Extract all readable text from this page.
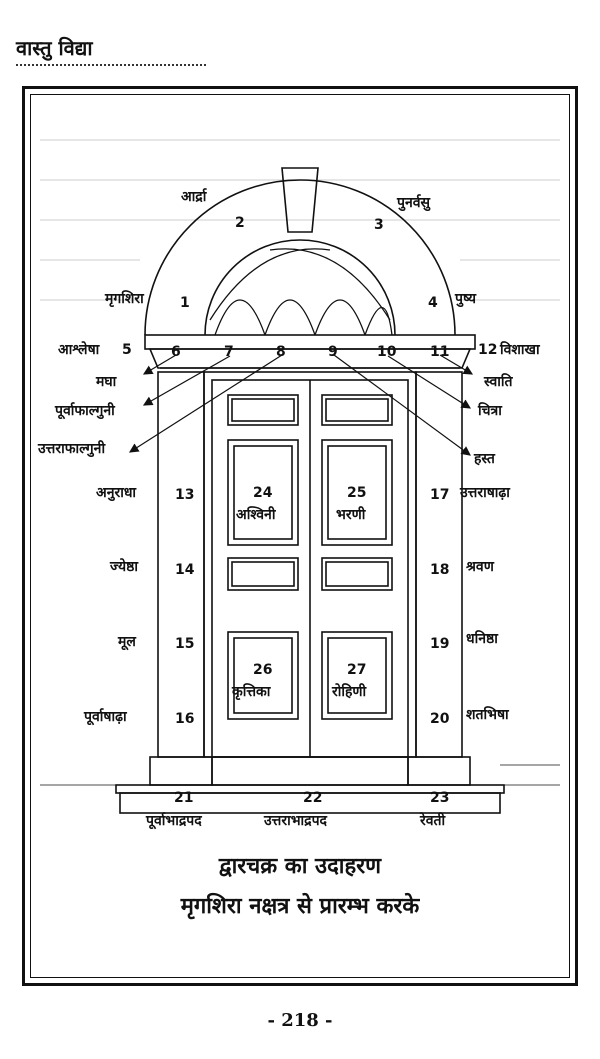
वास्तु विद्या
आर्द्रा	पुनर्वसु
मृगशिरा	पुष्य
आश्लेषा	विशाखा
मघा	स्वाति
पूर्वाफाल्गुनी	चित्रा
उत्तराफाल्गुनी
हस्त
अनुराधा	उत्तराषाढ़ा
ज्येष्ठा	श्रवण
मूल	धनिष्ठा
पूर्वाषाढ़ा	शतभिषा
अश्विनी	भरणी
कृत्तिका	रोहिणी
पूर्वाभाद्रपद	उत्तराभाद्रपद	रेवती
1
2	3
4
5	6	7	8	9	10 11 12
13
14
15
16
17
18
19
20
21	22	23
24	25
26	27
द्वारचक्र का उदाहरण
मृगशिरा नक्षत्र से प्रारम्भ करके
- 218 -
